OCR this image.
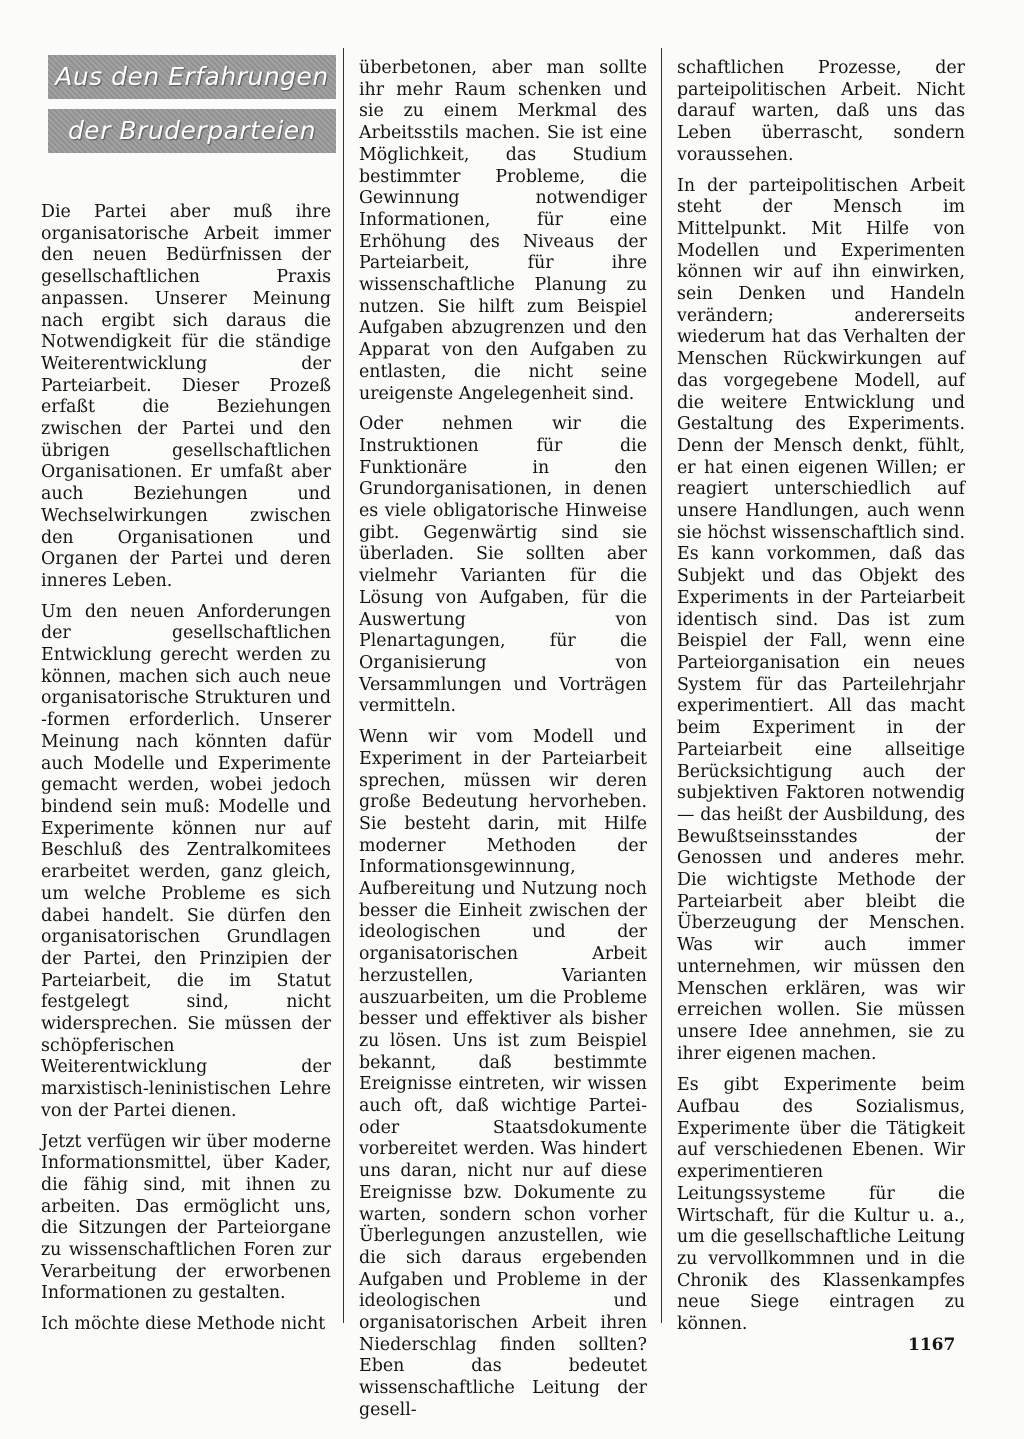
Aus den Erfahrungen
der Bruderparteien

Die Partei aber muß ihre organisatorische Arbeit immer den neuen Bedürfnissen der gesellschaftlichen Praxis anpassen. Unserer Meinung nach ergibt sich daraus die Notwendigkeit für die ständige Weiterentwicklung der Parteiarbeit. Dieser Prozeß erfaßt die Beziehungen zwischen der Partei und den übrigen gesellschaftlichen Organisationen. Er umfaßt aber auch Beziehungen und Wechselwirkungen zwischen den Organisationen und Organen der Partei und deren inneres Leben.

Um den neuen Anforderungen der gesellschaftlichen Entwicklung gerecht werden zu können, machen sich auch neue organisatorische Strukturen und -formen erforderlich. Unserer Meinung nach könnten dafür auch Modelle und Experimente gemacht werden, wobei jedoch bindend sein muß: Modelle und Experimente können nur auf Beschluß des Zentralkomitees erarbeitet werden, ganz gleich, um welche Probleme es sich dabei handelt. Sie dürfen den organisatorischen Grundlagen der Partei, den Prinzipien der Parteiarbeit, die im Statut festgelegt sind, nicht widersprechen. Sie müssen der schöpferischen Weiterentwicklung der marxistisch-leninistischen Lehre von der Partei dienen.

Jetzt verfügen wir über moderne Informationsmittel, über Kader, die fähig sind, mit ihnen zu arbeiten. Das ermöglicht uns, die Sitzungen der Parteiorgane zu wissenschaftlichen Foren zur Verarbeitung der erworbenen Informationen zu gestalten.

Ich möchte diese Methode nicht

überbetonen, aber man sollte ihr mehr Raum schenken und sie zu einem Merkmal des Arbeitsstils machen. Sie ist eine Möglichkeit, das Studium bestimmter Probleme, die Gewinnung notwendiger Informationen, für eine Erhöhung des Niveaus der Parteiarbeit, für ihre wissenschaftliche Planung zu nutzen. Sie hilft zum Beispiel Aufgaben abzugrenzen und den Apparat von den Aufgaben zu entlasten, die nicht seine ureigenste Angelegenheit sind.

Oder nehmen wir die Instruktionen für die Funktionäre in den Grundorganisationen, in denen es viele obligatorische Hinweise gibt. Gegenwärtig sind sie überladen. Sie sollten aber vielmehr Varianten für die Lösung von Aufgaben, für die Auswertung von Plenartagungen, für die Organisierung von Versammlungen und Vorträgen vermitteln.

Wenn wir vom Modell und Experiment in der Parteiarbeit sprechen, müssen wir deren große Bedeutung hervorheben. Sie besteht darin, mit Hilfe moderner Methoden der Informationsgewinnung, Aufbereitung und Nutzung noch besser die Einheit zwischen der ideologischen und der organisatorischen Arbeit herzustellen, Varianten auszuarbeiten, um die Probleme besser und effektiver als bisher zu lösen. Uns ist zum Beispiel bekannt, daß bestimmte Ereignisse eintreten, wir wissen auch oft, daß wichtige Partei- oder Staatsdokumente vorbereitet werden. Was hindert uns daran, nicht nur auf diese Ereignisse bzw. Dokumente zu warten, sondern schon vorher Überlegungen anzustellen, wie die sich daraus ergebenden Aufgaben und Probleme in der ideologischen und organisatorischen Arbeit ihren Niederschlag finden sollten? Eben das bedeutet wissenschaftliche Leitung der gesell-

schaftlichen Prozesse, der parteipolitischen Arbeit. Nicht darauf warten, daß uns das Leben überrascht, sondern voraussehen.

In der parteipolitischen Arbeit steht der Mensch im Mittelpunkt. Mit Hilfe von Modellen und Experimenten können wir auf ihn einwirken, sein Denken und Handeln verändern; andererseits wiederum hat das Verhalten der Menschen Rückwirkungen auf das vorgegebene Modell, auf die weitere Entwicklung und Gestaltung des Experiments. Denn der Mensch denkt, fühlt, er hat einen eigenen Willen; er reagiert unterschiedlich auf unsere Handlungen, auch wenn sie höchst wissenschaftlich sind. Es kann vorkommen, daß das Subjekt und das Objekt des Experiments in der Parteiarbeit identisch sind. Das ist zum Beispiel der Fall, wenn eine Parteiorganisation ein neues System für das Parteilehrjahr experimentiert. All das macht beim Experiment in der Parteiarbeit eine allseitige Berücksichtigung auch der subjektiven Faktoren notwendig — das heißt der Ausbildung, des Bewußtseinsstandes der Genossen und anderes mehr. Die wichtigste Methode der Parteiarbeit aber bleibt die Überzeugung der Menschen. Was wir auch immer unternehmen, wir müssen den Menschen erklären, was wir erreichen wollen. Sie müssen unsere Idee annehmen, sie zu ihrer eigenen machen.

Es gibt Experimente beim Aufbau des Sozialismus, Experimente über die Tätigkeit auf verschiedenen Ebenen. Wir experimentieren Leitungssysteme für die Wirtschaft, für die Kultur u. a., um die gesellschaftliche Leitung zu vervollkommnen und in die Chronik des Klassenkampfes neue Siege eintragen zu können.

1167
